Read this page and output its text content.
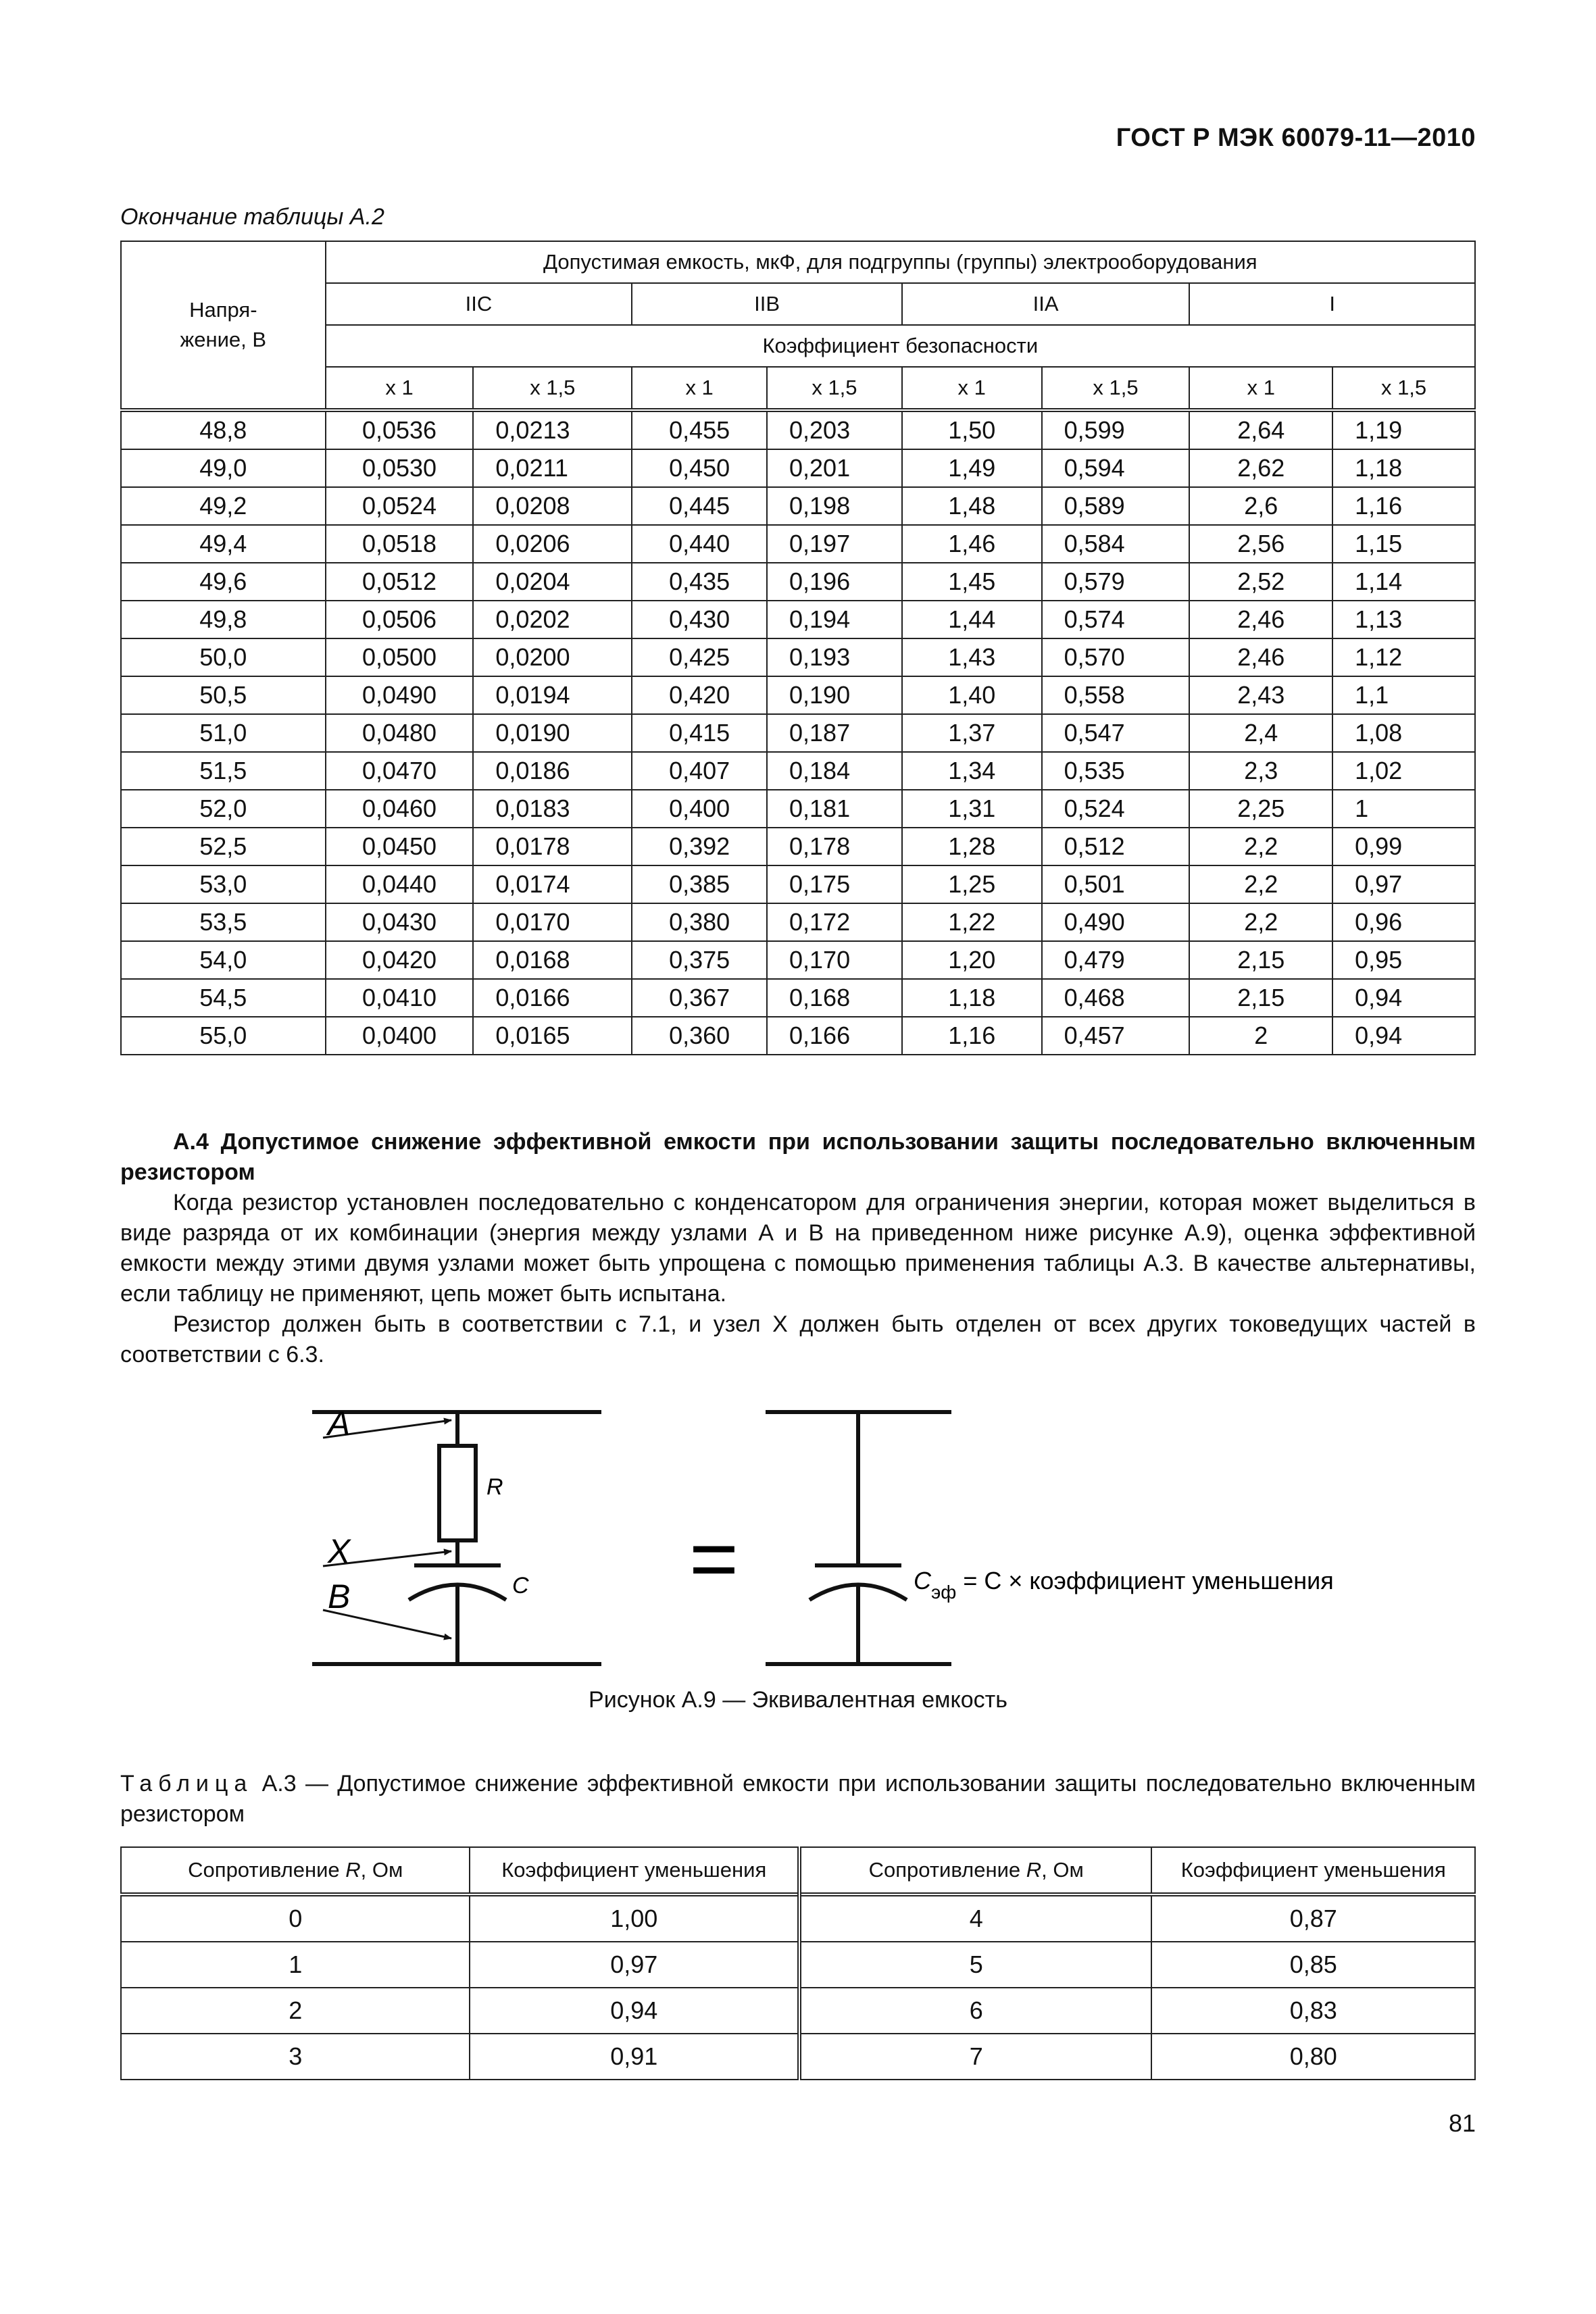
ГОСТ Р МЭК 60079-11—2010
Окончание таблицы А.2
Напря-
жение, В	Допустимая емкость, мкФ, для подгруппы (группы) электрооборудования							
	IIC		IIB		IIA		I	
	Коэффициент безопасности							
	х 1	х 1,5	х 1	х 1,5	х 1	х 1,5	х 1	х 1,5
48,8	0,0536	0,0213	0,455	0,203	1,50	0,599	2,64	1,19
49,0	0,0530	0,0211	0,450	0,201	1,49	0,594	2,62	1,18
49,2	0,0524	0,0208	0,445	0,198	1,48	0,589	2,6	1,16
49,4	0,0518	0,0206	0,440	0,197	1,46	0,584	2,56	1,15
49,6	0,0512	0,0204	0,435	0,196	1,45	0,579	2,52	1,14
49,8	0,0506	0,0202	0,430	0,194	1,44	0,574	2,46	1,13
50,0	0,0500	0,0200	0,425	0,193	1,43	0,570	2,46	1,12
50,5	0,0490	0,0194	0,420	0,190	1,40	0,558	2,43	1,1
51,0	0,0480	0,0190	0,415	0,187	1,37	0,547	2,4	1,08
51,5	0,0470	0,0186	0,407	0,184	1,34	0,535	2,3	1,02
52,0	0,0460	0,0183	0,400	0,181	1,31	0,524	2,25	1
52,5	0,0450	0,0178	0,392	0,178	1,28	0,512	2,2	0,99
53,0	0,0440	0,0174	0,385	0,175	1,25	0,501	2,2	0,97
53,5	0,0430	0,0170	0,380	0,172	1,22	0,490	2,2	0,96
54,0	0,0420	0,0168	0,375	0,170	1,20	0,479	2,15	0,95
54,5	0,0410	0,0166	0,367	0,168	1,18	0,468	2,15	0,94
55,0	0,0400	0,0165	0,360	0,166	1,16	0,457	2	0,94

А.4 Допустимое снижение эффективной емкости при использовании защиты последовательно включенным резистором

Когда резистор установлен последовательно с конденсатором для ограничения энергии, которая может выделиться в виде разряда от их комбинации (энергия между узлами А и В на приведенном ниже рисунке А.9), оценка эффективной емкости между этими двумя узлами может быть упрощена с помощью применения таблицы А.3. В качестве альтернативы, если таблицу не применяют, цепь может быть испытана.

Резистор должен быть в соответствии с 7.1, и узел X должен быть отделен от всех других токоведущих частей в соответствии с 6.3.

A
X
B
R
C =	$C_{эф} = C$ × коэффициент уменьшения
Рисунок А.9 — Эквивалентная емкость
Таблица А.3 — Допустимое снижение эффективной емкости при использовании защиты последовательно включенным резистором
Сопротивление R, Ом	Коэффициент уменьшения	Сопротивление R, Ом	Коэффициент уменьшения
0	1,00	4	0,87
1	0,97	5	0,85
2	0,94	6	0,83
3	0,91	7	0,80
81
